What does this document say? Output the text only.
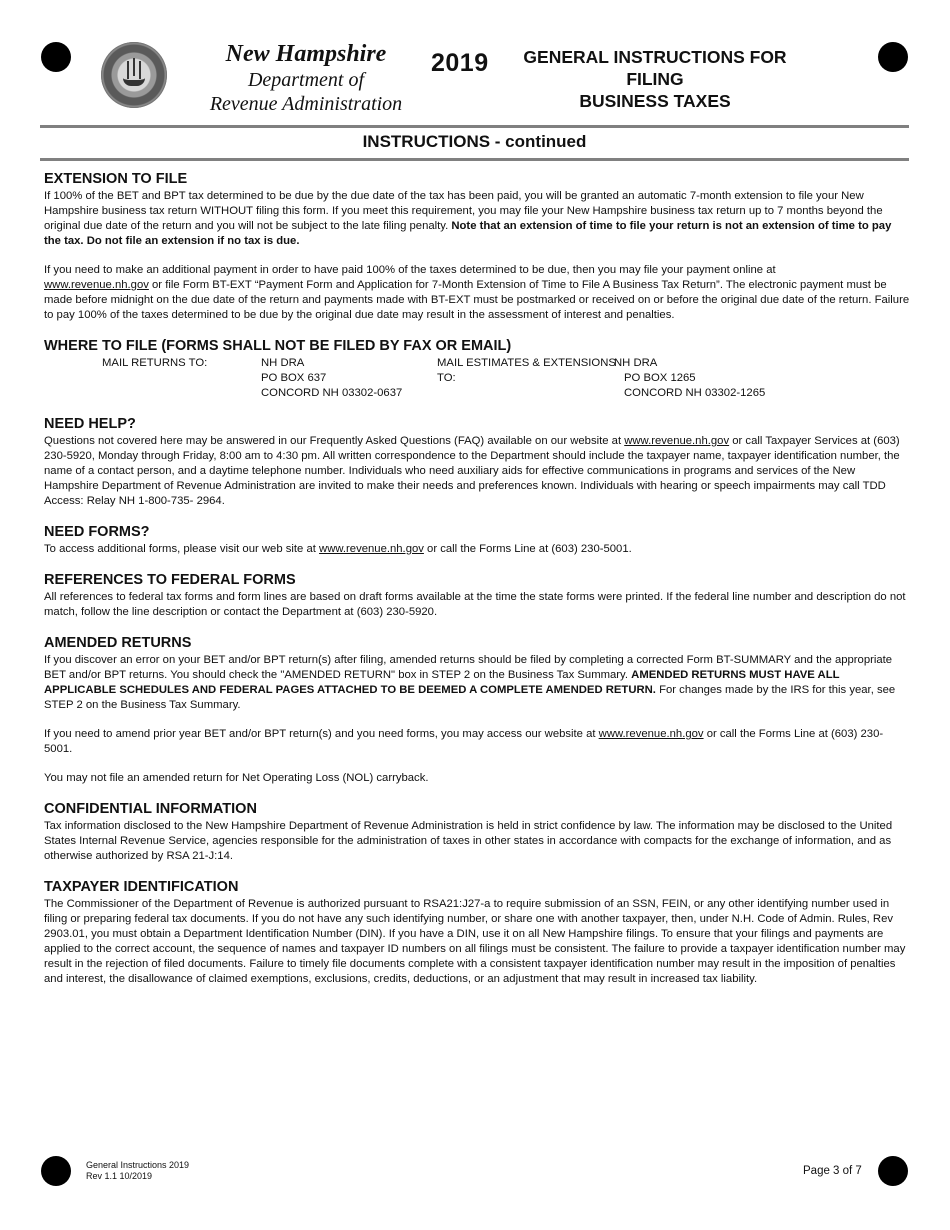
New Hampshire
Department of
Revenue Administration
2019	GENERAL INSTRUCTIONS FOR FILING
BUSINESS TAXES
INSTRUCTIONS - continued
EXTENSION TO FILE

If 100% of the BET and BPT tax determined to be due by the due date of the tax has been paid, you will be granted an automatic 7-month extension to file your New Hampshire business tax return WITHOUT filing this form. If you meet this requirement, you may file your New Hampshire business tax return up to 7 months beyond the original due date of the return and you will not be subject to the late filing penalty. Note that an extension of time to file your return is not an extension of time to pay the tax. Do not file an extension if no tax is due.

If you need to make an additional payment in order to have paid 100% of the taxes determined to be due, then you may file your payment online at
www.revenue.nh.gov or file Form BT-EXT “Payment Form and Application for 7-Month Extension of Time to File A Business Tax Return”. The electronic payment must be made before midnight on the due date of the return and payments made with BT-EXT must be postmarked or received on or before the original due date of the return. Failure to pay 100% of the taxes determined to be due by the original due date may result in the assessment of interest and penalties.

WHERE TO FILE (FORMS SHALL NOT BE FILED BY FAX OR EMAIL)
MAIL RETURNS TO:	NH DRA
PO BOX 637
CONCORD NH 03302-0637
MAIL ESTIMATES & EXTENSIONS TO:
NH DRA
PO BOX 1265
CONCORD NH 03302-1265
NEED HELP?

Questions not covered here may be answered in our Frequently Asked Questions (FAQ) available on our website at www.revenue.nh.gov or call Taxpayer Services at (603) 230-5920, Monday through Friday, 8:00 am to 4:30 pm. All written correspondence to the Department should include the taxpayer name, taxpayer identification number, the name of a contact person, and a daytime telephone number. Individuals who need auxiliary aids for effective communications in programs and services of the New Hampshire Department of Revenue Administration are invited to make their needs and preferences known. Individuals with hearing or speech impairments may call TDD Access: Relay NH 1-800-735- 2964.

NEED FORMS?

To access additional forms, please visit our web site at www.revenue.nh.gov or call the Forms Line at (603) 230-5001.

REFERENCES TO FEDERAL FORMS

All references to federal tax forms and form lines are based on draft forms available at the time the state forms were printed. If the federal line number and description do not match, follow the line description or contact the Department at (603) 230-5920.

AMENDED RETURNS

If you discover an error on your BET and/or BPT return(s) after filing, amended returns should be filed by completing a corrected Form BT-SUMMARY and the appropriate BET and/or BPT returns. You should check the "AMENDED RETURN" box in STEP 2 on the Business Tax Summary. AMENDED RETURNS MUST HAVE ALL APPLICABLE SCHEDULES AND FEDERAL PAGES ATTACHED TO BE DEEMED A COMPLETE AMENDED RETURN. For changes made by the IRS for this year, see STEP 2 on the Business Tax Summary.

If you need to amend prior year BET and/or BPT return(s) and you need forms, you may access our website at www.revenue.nh.gov or call the Forms Line at (603) 230-5001.

You may not file an amended return for Net Operating Loss (NOL) carryback.

CONFIDENTIAL INFORMATION

Tax information disclosed to the New Hampshire Department of Revenue Administration is held in strict confidence by law. The information may be disclosed to the United States Internal Revenue Service, agencies responsible for the administration of taxes in other states in accordance with compacts for the exchange of information, and as otherwise authorized by RSA 21-J:14.

TAXPAYER IDENTIFICATION

The Commissioner of the Department of Revenue is authorized pursuant to RSA21:J27-a to require submission of an SSN, FEIN, or any other identifying number used in filing or preparing federal tax documents. If you do not have any such identifying number, or share one with another taxpayer, then, under N.H. Code of Admin. Rules, Rev 2903.01, you must obtain a Department Identification Number (DIN). If you have a DIN, use it on all New Hampshire filings. To ensure that your filings and payments are applied to the correct account, the sequence of names and taxpayer ID numbers on all filings must be consistent. The failure to provide a taxpayer identification number may result in the rejection of filed documents. Failure to timely file documents complete with a consistent taxpayer identification number may result in the imposition of penalties and interest, the disallowance of claimed exemptions, exclusions, credits, deductions, or an adjustment that may result in increased tax liability.

General Instructions 2019
Rev 1.1 10/2019	Page 3 of 7
